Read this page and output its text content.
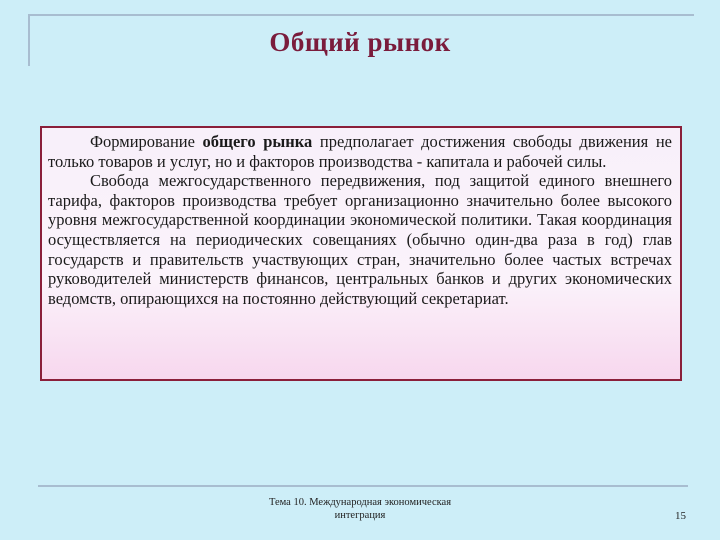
Общий рынок

Формирование общего рынка предполагает достижения свободы движения не только товаров и услуг, но и факторов производства - капитала и рабочей силы.

Свобода межгосударственного передвижения, под защитой единого внешнего тарифа, факторов производства требует организационно значительно более высокого уровня межгосударственной координации экономической политики. Такая координация осуществляется на периодических совещаниях (обычно один-два раза в год) глав государств и правительств участвующих стран, значительно более частых встречах руководителей министерств финансов, центральных банков и других экономических ведомств, опирающихся на постоянно действующий секретариат.

Тема 10. Международная экономическая
интеграция	15
